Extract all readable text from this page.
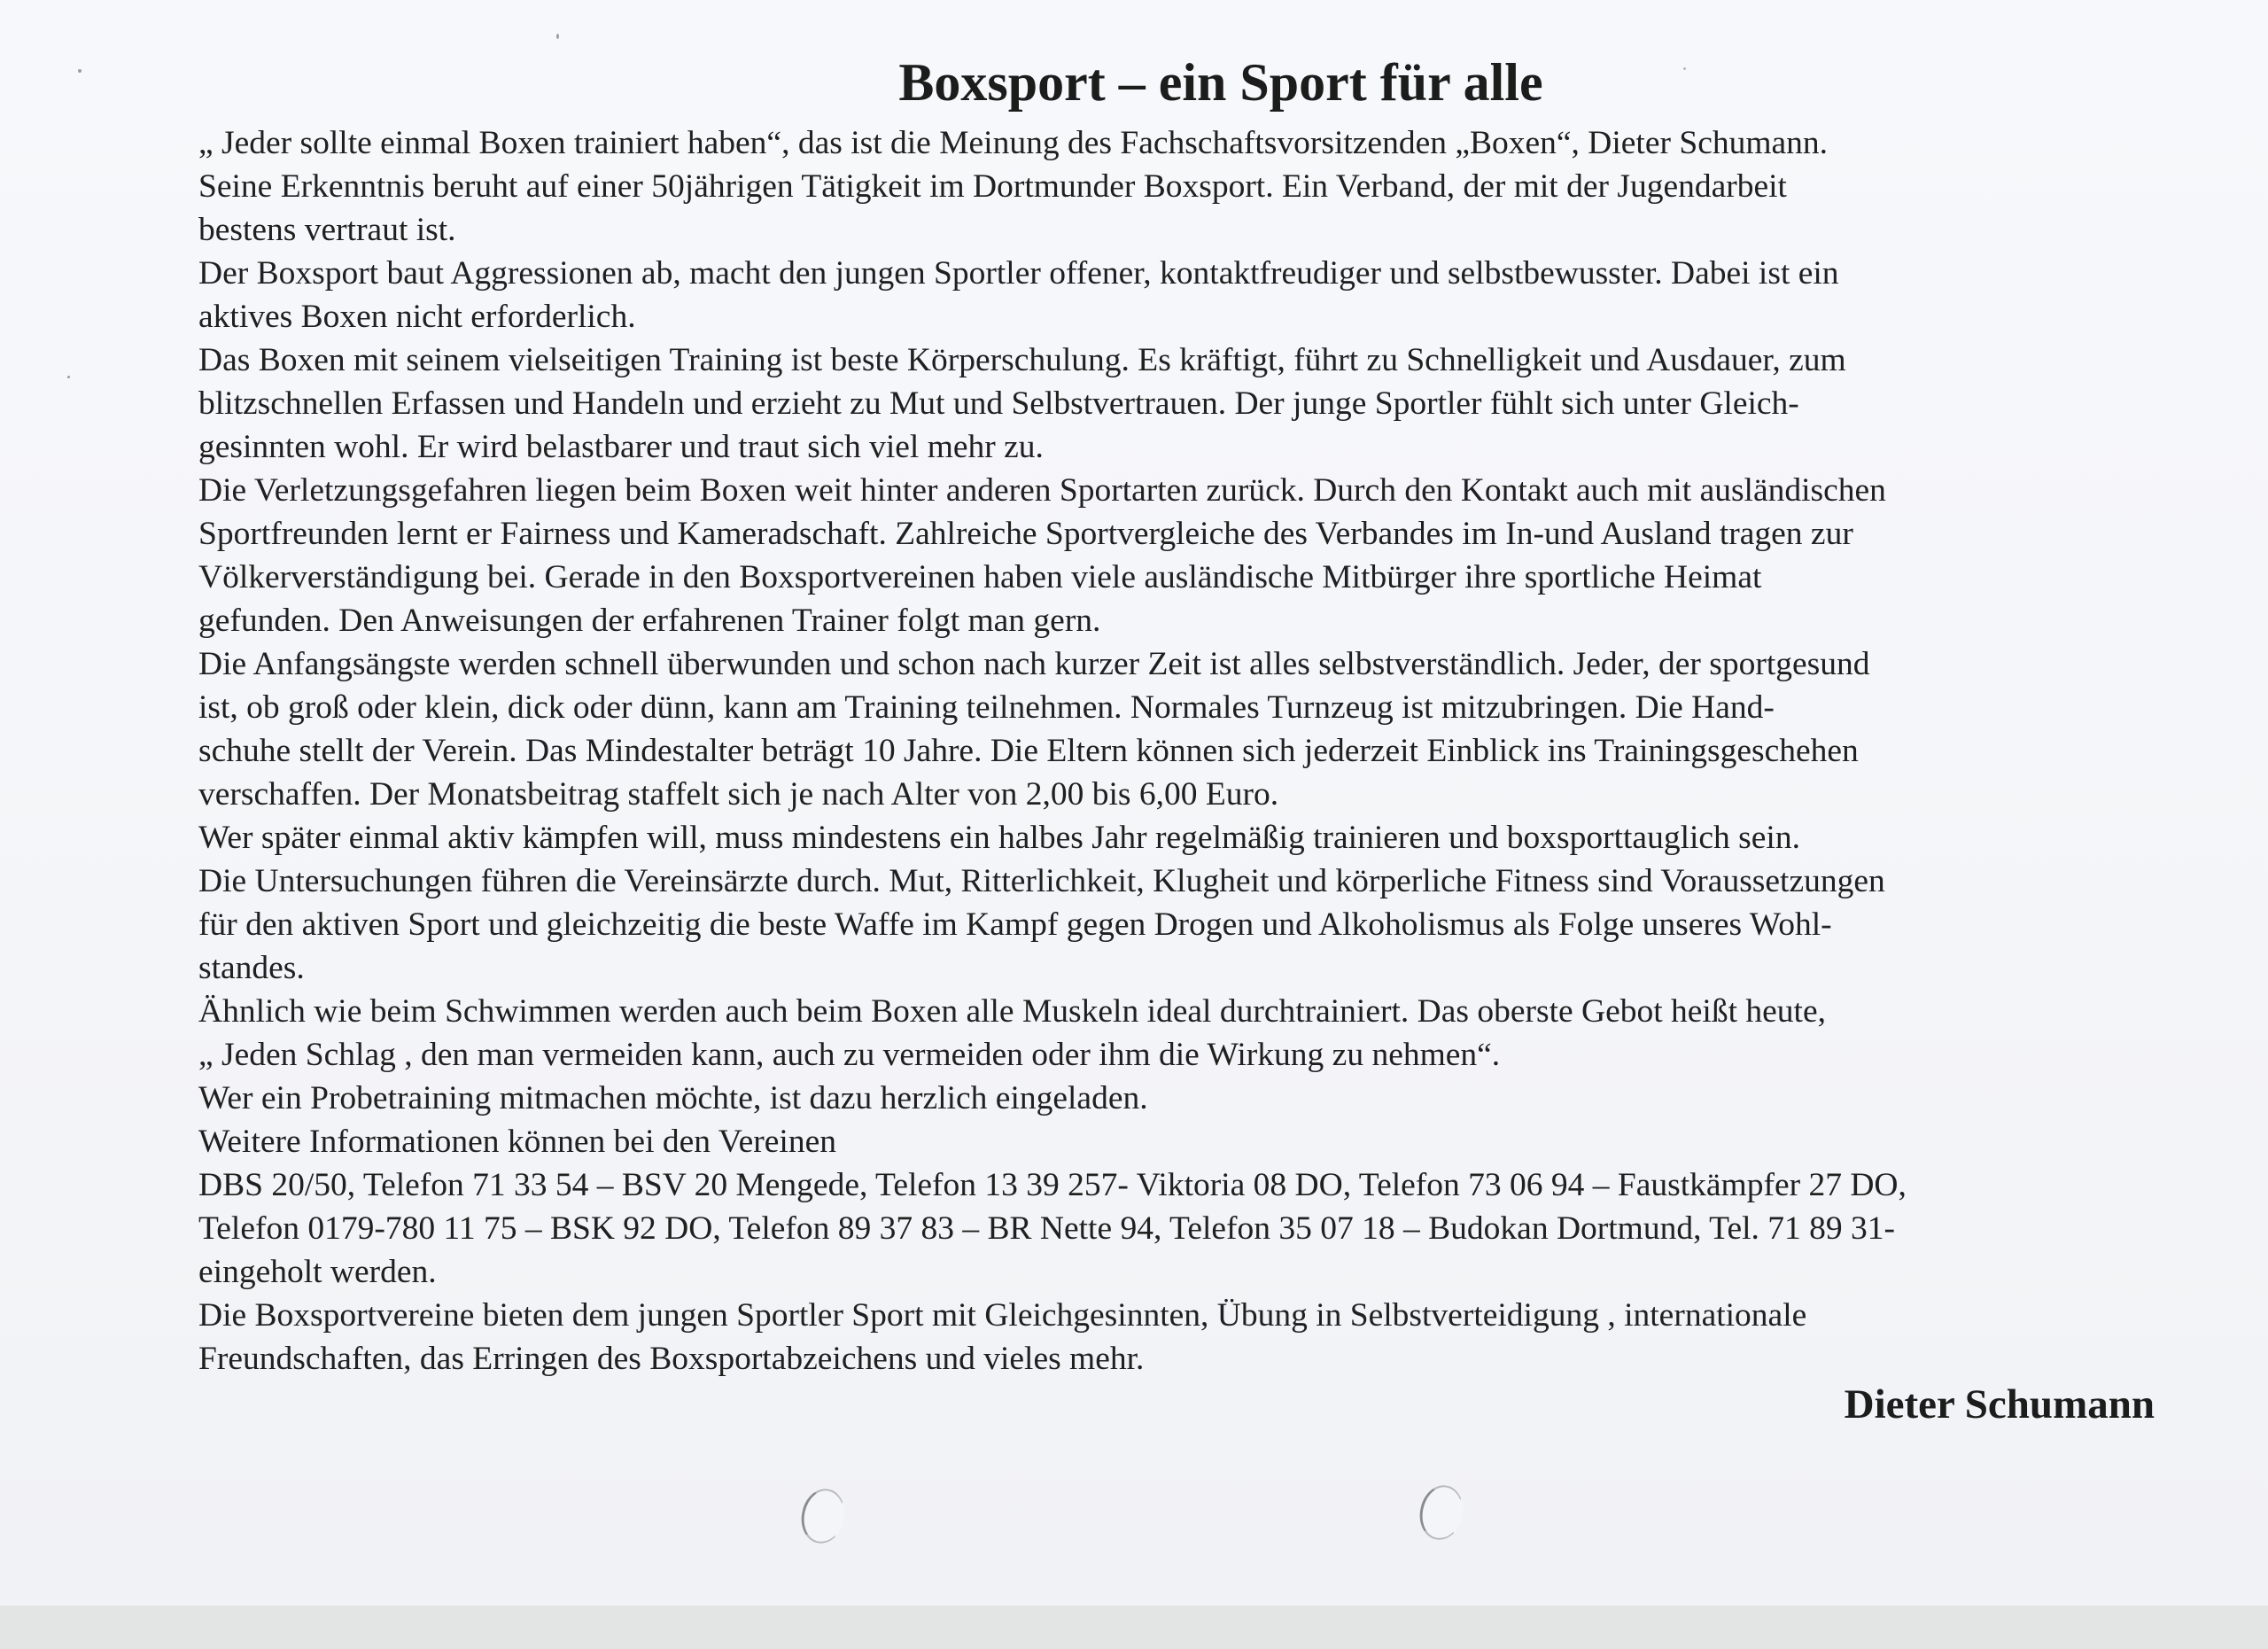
Boxsport – ein Sport für alle
„ Jeder sollte einmal Boxen trainiert haben“, das ist die Meinung des Fachschaftsvorsitzenden „Boxen“, Dieter Schumann.
Seine Erkenntnis beruht auf einer 50jährigen Tätigkeit im Dortmunder Boxsport. Ein Verband, der mit der Jugendarbeit
bestens vertraut ist.
Der Boxsport baut Aggressionen ab, macht den jungen Sportler offener, kontaktfreudiger und selbstbewusster. Dabei ist ein
aktives Boxen nicht erforderlich.
Das Boxen mit seinem vielseitigen Training ist beste Körperschulung. Es kräftigt, führt zu Schnelligkeit und Ausdauer, zum
blitzschnellen Erfassen und Handeln und erzieht zu Mut und Selbstvertrauen. Der junge Sportler fühlt sich unter Gleich-
gesinnten wohl. Er wird belastbarer und traut sich viel mehr zu.
Die Verletzungsgefahren liegen beim Boxen weit hinter anderen Sportarten zurück. Durch den Kontakt auch mit ausländischen
Sportfreunden lernt er Fairness und Kameradschaft. Zahlreiche Sportvergleiche des Verbandes im In-und Ausland tragen zur
Völkerverständigung bei. Gerade in den Boxsportvereinen haben viele ausländische Mitbürger ihre sportliche Heimat
gefunden. Den Anweisungen der erfahrenen Trainer folgt man gern.
Die Anfangsängste werden schnell überwunden und schon nach kurzer Zeit ist alles selbstverständlich. Jeder, der sportgesund
ist, ob groß oder klein, dick oder dünn, kann am Training teilnehmen. Normales Turnzeug ist mitzubringen. Die Hand-
schuhe stellt der Verein. Das Mindestalter beträgt 10 Jahre. Die Eltern können sich jederzeit Einblick ins Trainingsgeschehen
verschaffen. Der Monatsbeitrag staffelt sich je nach Alter von 2,00 bis 6,00 Euro.
Wer später einmal aktiv kämpfen will, muss mindestens ein halbes Jahr regelmäßig trainieren und boxsporttauglich sein.
Die Untersuchungen führen die Vereinsärzte durch. Mut, Ritterlichkeit, Klugheit und körperliche Fitness sind Voraussetzungen
für den aktiven Sport und gleichzeitig die beste Waffe im Kampf gegen Drogen und Alkoholismus als Folge unseres Wohl-
standes.
Ähnlich wie beim Schwimmen werden auch beim Boxen alle Muskeln ideal durchtrainiert. Das oberste Gebot heißt heute,
„ Jeden Schlag , den man vermeiden kann, auch zu vermeiden oder ihm die Wirkung zu nehmen“.
Wer ein Probetraining mitmachen möchte, ist dazu herzlich eingeladen.
Weitere Informationen können bei den Vereinen
DBS 20/50, Telefon 71 33 54 – BSV 20 Mengede, Telefon 13 39 257- Viktoria 08 DO, Telefon 73 06 94 – Faustkämpfer 27 DO,
Telefon 0179-780 11 75 – BSK 92 DO, Telefon 89 37 83 – BR Nette 94, Telefon 35 07 18 – Budokan Dortmund, Tel. 71 89 31-
eingeholt werden.
Die Boxsportvereine bieten dem jungen Sportler Sport mit Gleichgesinnten, Übung in Selbstverteidigung , internationale
Freundschaften, das Erringen des Boxsportabzeichens und vieles mehr.
Dieter Schumann
